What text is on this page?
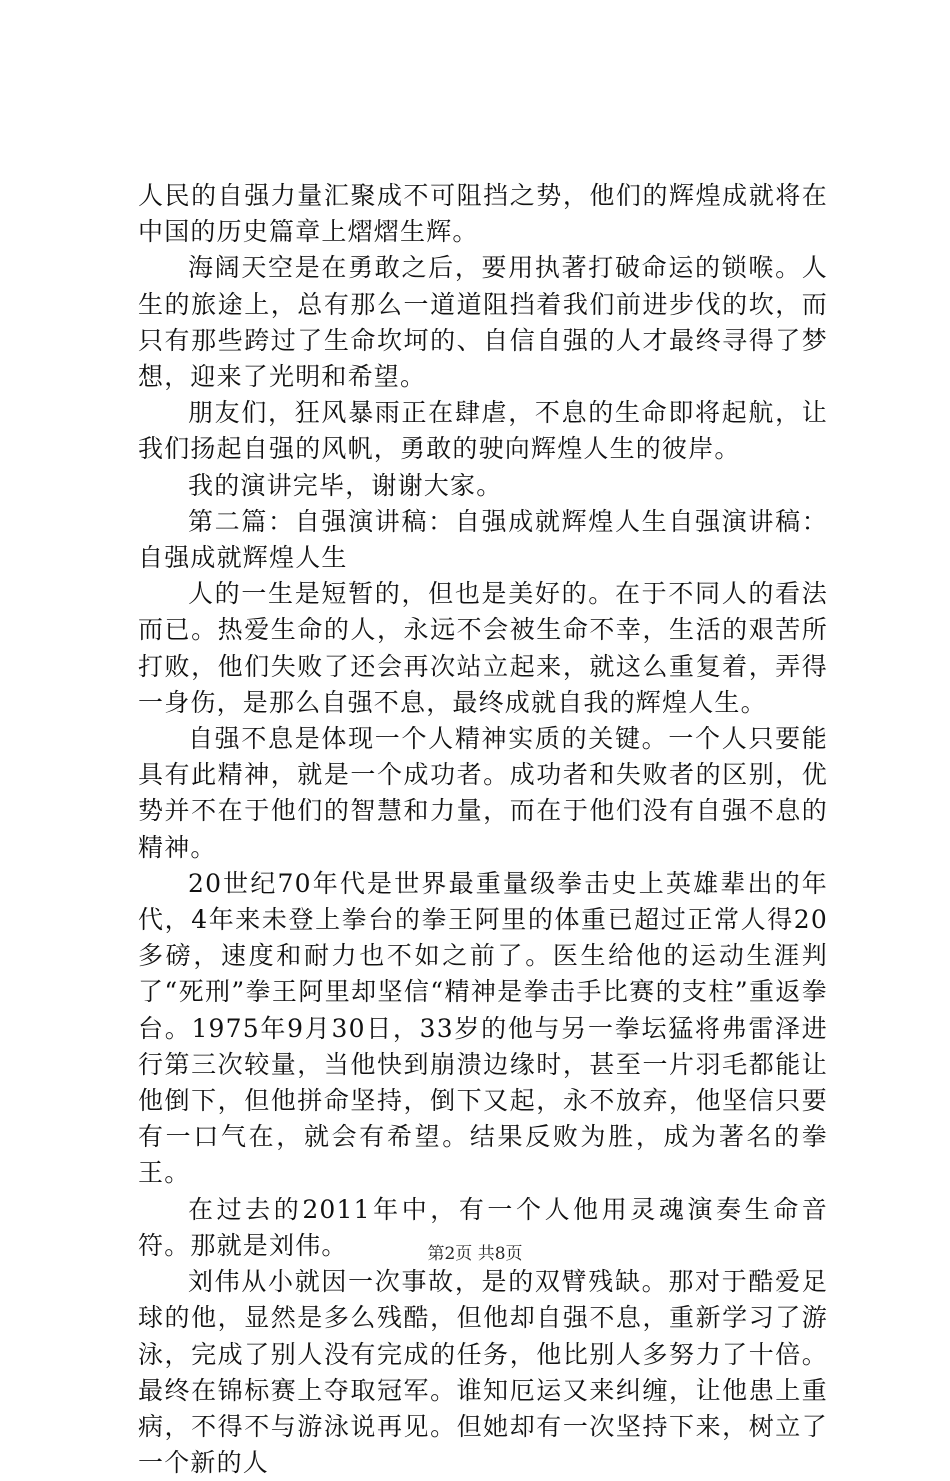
人民的自强力量汇聚成不可阻挡之势，他们的辉煌成就将在中国的历史篇章上熠熠生辉。

海阔天空是在勇敢之后，要用执著打破命运的锁喉。人生的旅途上，总有那么一道道阻挡着我们前进步伐的坎，而只有那些跨过了生命坎坷的、自信自强的人才最终寻得了梦想，迎来了光明和希望。

朋友们，狂风暴雨正在肆虐，不息的生命即将起航，让我们扬起自强的风帆，勇敢的驶向辉煌人生的彼岸。

我的演讲完毕，谢谢大家。

第二篇：自强演讲稿：自强成就辉煌人生自强演讲稿：自强成就辉煌人生

人的一生是短暂的，但也是美好的。在于不同人的看法而已。热爱生命的人，永远不会被生命不幸，生活的艰苦所打败，他们失败了还会再次站立起来，就这么重复着，弄得一身伤，是那么自强不息，最终成就自我的辉煌人生。

自强不息是体现一个人精神实质的关键。一个人只要能具有此精神，就是一个成功者。成功者和失败者的区别，优势并不在于他们的智慧和力量，而在于他们没有自强不息的精神。

20世纪70年代是世界最重量级拳击史上英雄辈出的年代，4年来未登上拳台的拳王阿里的体重已超过正常人得20多磅，速度和耐力也不如之前了。医生给他的运动生涯判了“死刑”拳王阿里却坚信“精神是拳击手比赛的支柱”重返拳台。1975年9月30日，33岁的他与另一拳坛猛将弗雷泽进行第三次较量，当他快到崩溃边缘时，甚至一片羽毛都能让他倒下，但他拼命坚持，倒下又起，永不放弃，他坚信只要有一口气在，就会有希望。结果反败为胜，成为著名的拳王。

在过去的2011年中，有一个人他用灵魂演奏生命音符。那就是刘伟。

刘伟从小就因一次事故，是的双臂残缺。那对于酷爱足球的他，显然是多么残酷，但他却自强不息，重新学习了游泳，完成了别人没有完成的任务，他比别人多努力了十倍。最终在锦标赛上夺取冠军。谁知厄运又来纠缠，让他患上重病，不得不与游泳说再见。但她却有一次坚持下来，树立了一个新的人

第2页 共8页
